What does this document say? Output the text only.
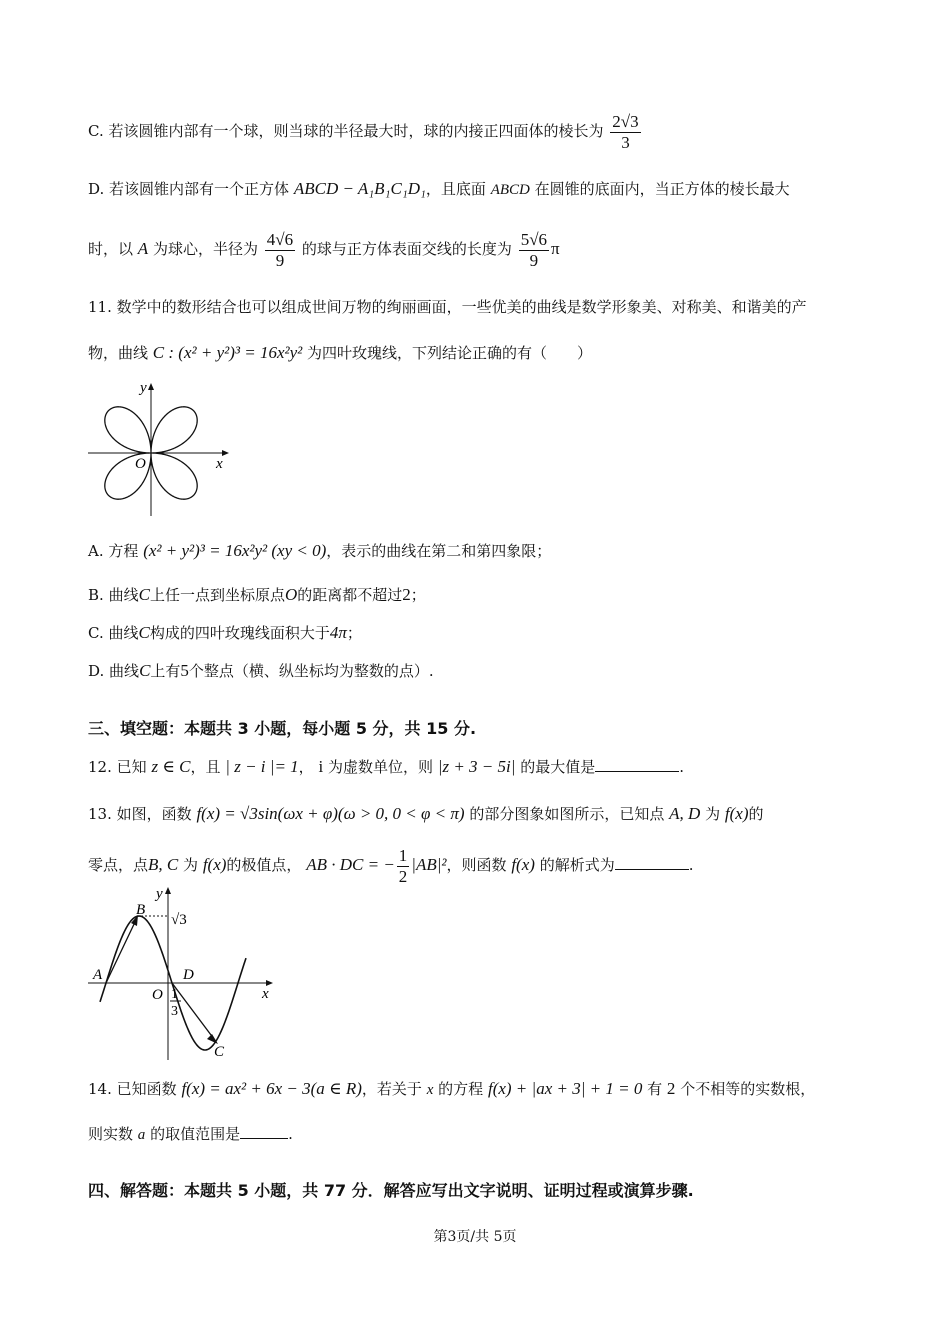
C. 若该圆锥内部有一个球，则当球的半径最大时，球的内接正四面体的棱长为 $\frac{2√3}{3}$
D. 若该圆锥内部有一个正方体 ABCD − A₁B₁C₁D₁，且底面 ABCD 在圆锥的底面内，当正方体的棱长最大
时，以 A 为球心，半径为 $\frac{4√6}{9}$ 的球与正方体表面交线的长度为 $\frac{5√6}{9}$ π
11. 数学中的数形结合也可以组成世间万物的绚丽画面，一些优美的曲线是数学形象美、对称美、和谐美的产
物，曲线 C : (x² + y²)³ = 16x²y² 为四叶玫瑰线，下列结论正确的有（　　）
y
x
O
A. 方程 (x² + y²)³ = 16x²y² (xy < 0)，表示的曲线在第二和第四象限；
B. 曲线C上任一点到坐标原点O的距离都不超过2；
C. 曲线C构成的四叶玫瑰线面积大于4π；
D. 曲线C上有5个整点（横、纵坐标均为整数的点）.
三、填空题：本题共 3 小题，每小题 5 分，共 15 分.
12. 已知 z ∈ C，且 | z − i |= 1， i 为虚数单位，则 |z + 3 − 5i| 的最大值是	.
13. 如图，函数 f(x) = √3sin(ωx + φ)(ω > 0, 0 < φ < π) 的部分图象如图所示，已知点 A, D 为 f(x)的
零点，点B, C 为 f(x)的极值点， AB · DC = − $\frac{1}{2} |AB|^2$，则函数 f(x) 的解析式为	.
y
B
√3
A	D
O	x
1
3
C
14. 已知函数 f(x) = ax² + 6x − 3(a ∈ R)，若关于 x 的方程 f(x) + |ax + 3| + 1 = 0 有 2 个不相等的实数根，
则实数 a 的取值范围是	.
四、解答题：本题共 5 小题，共 77 分．解答应写出文字说明、证明过程或演算步骤.
第3页/共 5页
